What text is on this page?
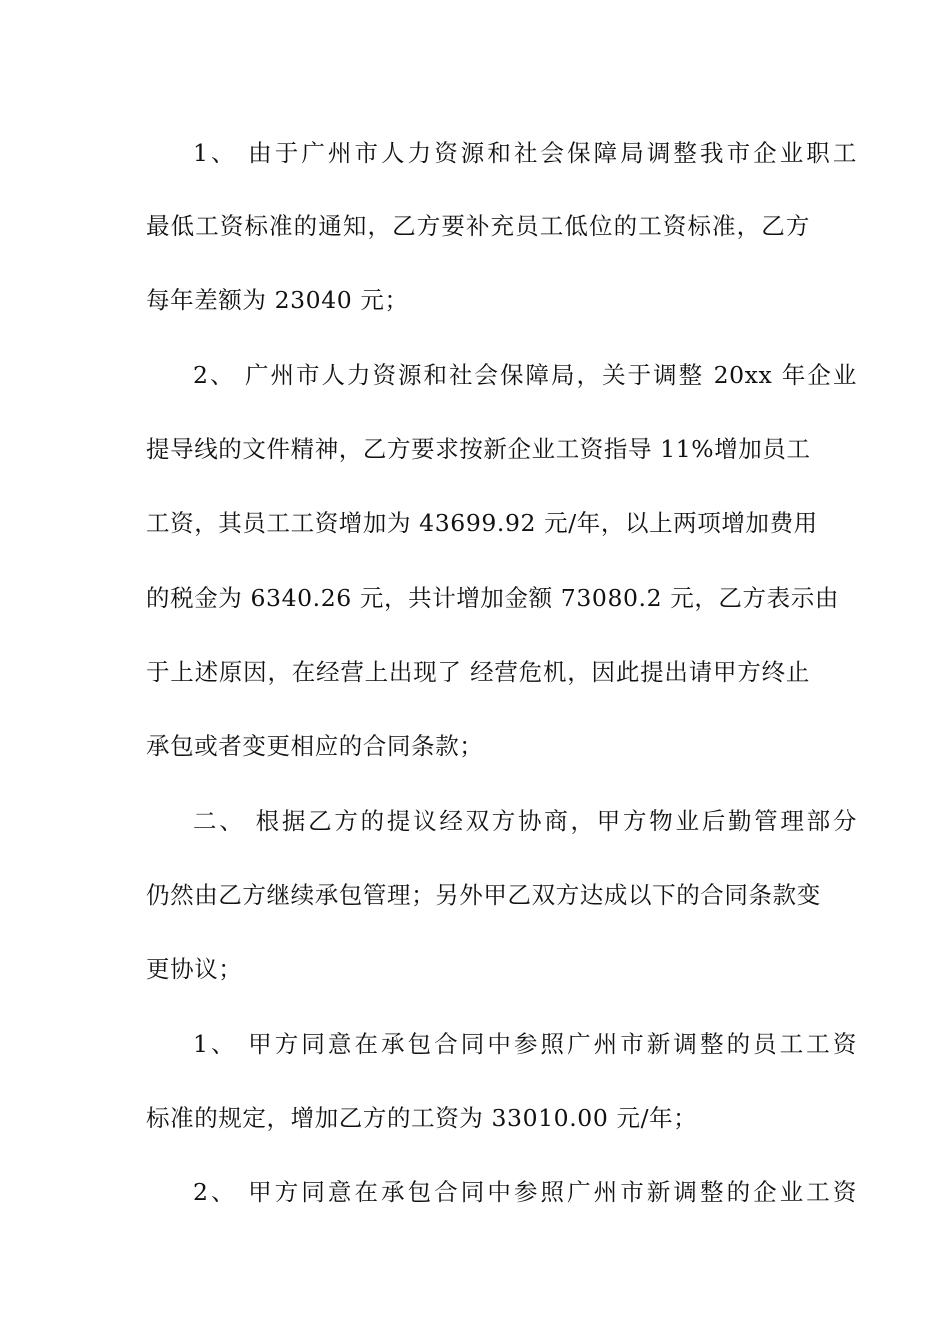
1、 由于广州市人力资源和社会保障局调整我市企业职工
最低工资标准的通知，乙方要补充员工低位的工资标准，乙方
每年差额为 23040 元；
2、 广州市人力资源和社会保障局，关于调整 20xx 年企业
提导线的文件精神，乙方要求按新企业工资指导 11%增加员工
工资，其员工工资增加为 43699.92 元/年，以上两项增加费用
的税金为 6340.26 元，共计增加金额 73080.2 元，乙方表示由
于上述原因，在经营上出现了 经营危机，因此提出请甲方终止
承包或者变更相应的合同条款；
二、 根据乙方的提议经双方协商，甲方物业后勤管理部分
仍然由乙方继续承包管理；另外甲乙双方达成以下的合同条款变
更协议；
1、 甲方同意在承包合同中参照广州市新调整的员工工资
标准的规定，增加乙方的工资为 33010.00 元/年；
2、 甲方同意在承包合同中参照广州市新调整的企业工资
